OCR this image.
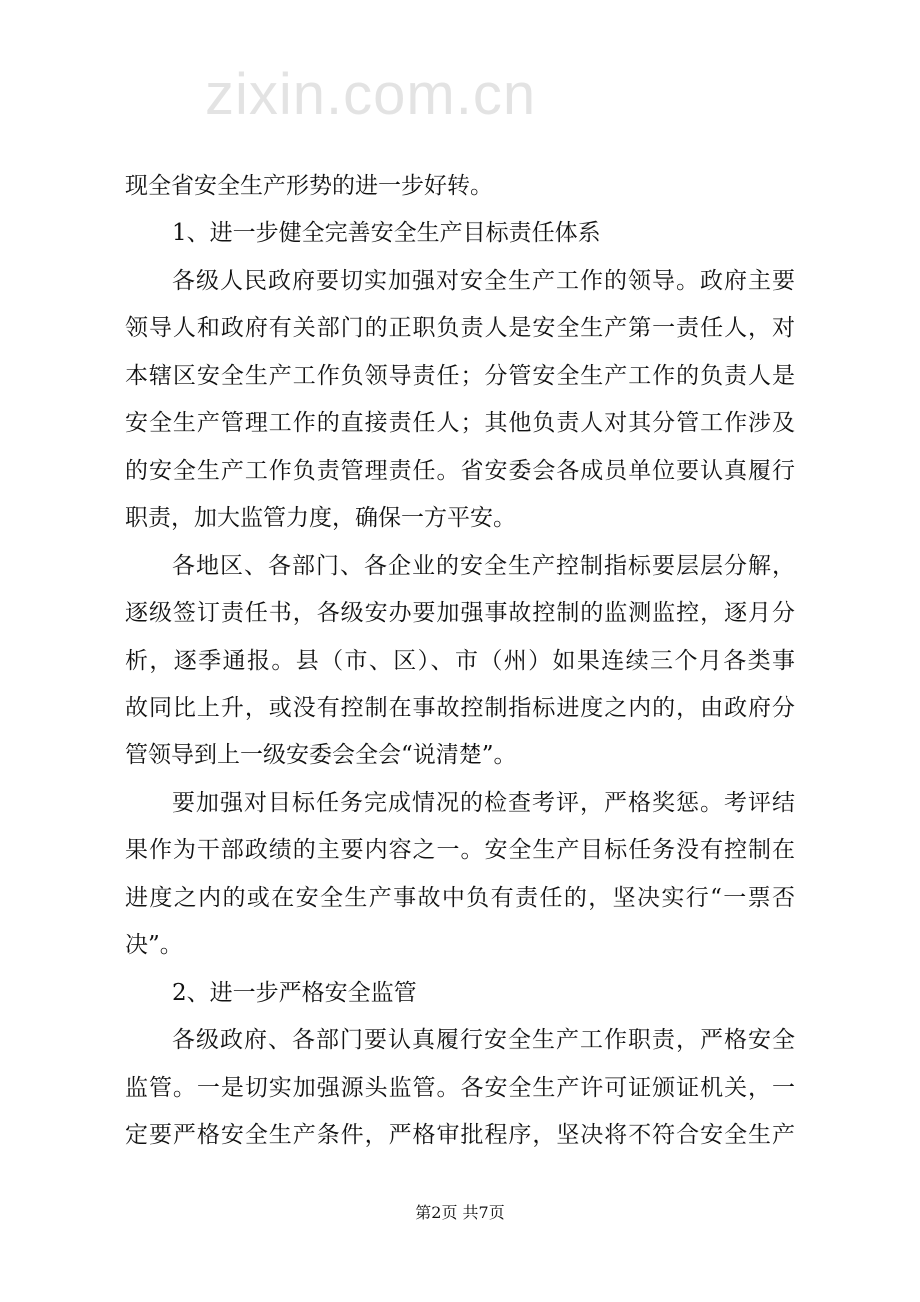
zixin.com.cn
现全省安全生产形势的进一步好转。
1、进一步健全完善安全生产目标责任体系
各级人民政府要切实加强对安全生产工作的领导。政府主要
领导人和政府有关部门的正职负责人是安全生产第一责任人，对
本辖区安全生产工作负领导责任；分管安全生产工作的负责人是
安全生产管理工作的直接责任人；其他负责人对其分管工作涉及
的安全生产工作负责管理责任。省安委会各成员单位要认真履行
职责，加大监管力度，确保一方平安。
各地区、各部门、各企业的安全生产控制指标要层层分解，
逐级签订责任书，各级安办要加强事故控制的监测监控，逐月分
析，逐季通报。县（市、区）、市（州）如果连续三个月各类事
故同比上升，或没有控制在事故控制指标进度之内的，由政府分
管领导到上一级安委会全会“说清楚”。
要加强对目标任务完成情况的检查考评，严格奖惩。考评结
果作为干部政绩的主要内容之一。安全生产目标任务没有控制在
进度之内的或在安全生产事故中负有责任的，坚决实行“一票否
决”。
2、进一步严格安全监管
各级政府、各部门要认真履行安全生产工作职责，严格安全
监管。一是切实加强源头监管。各安全生产许可证颁证机关，一
定要严格安全生产条件，严格审批程序，坚决将不符合安全生产
第2页 共7页
